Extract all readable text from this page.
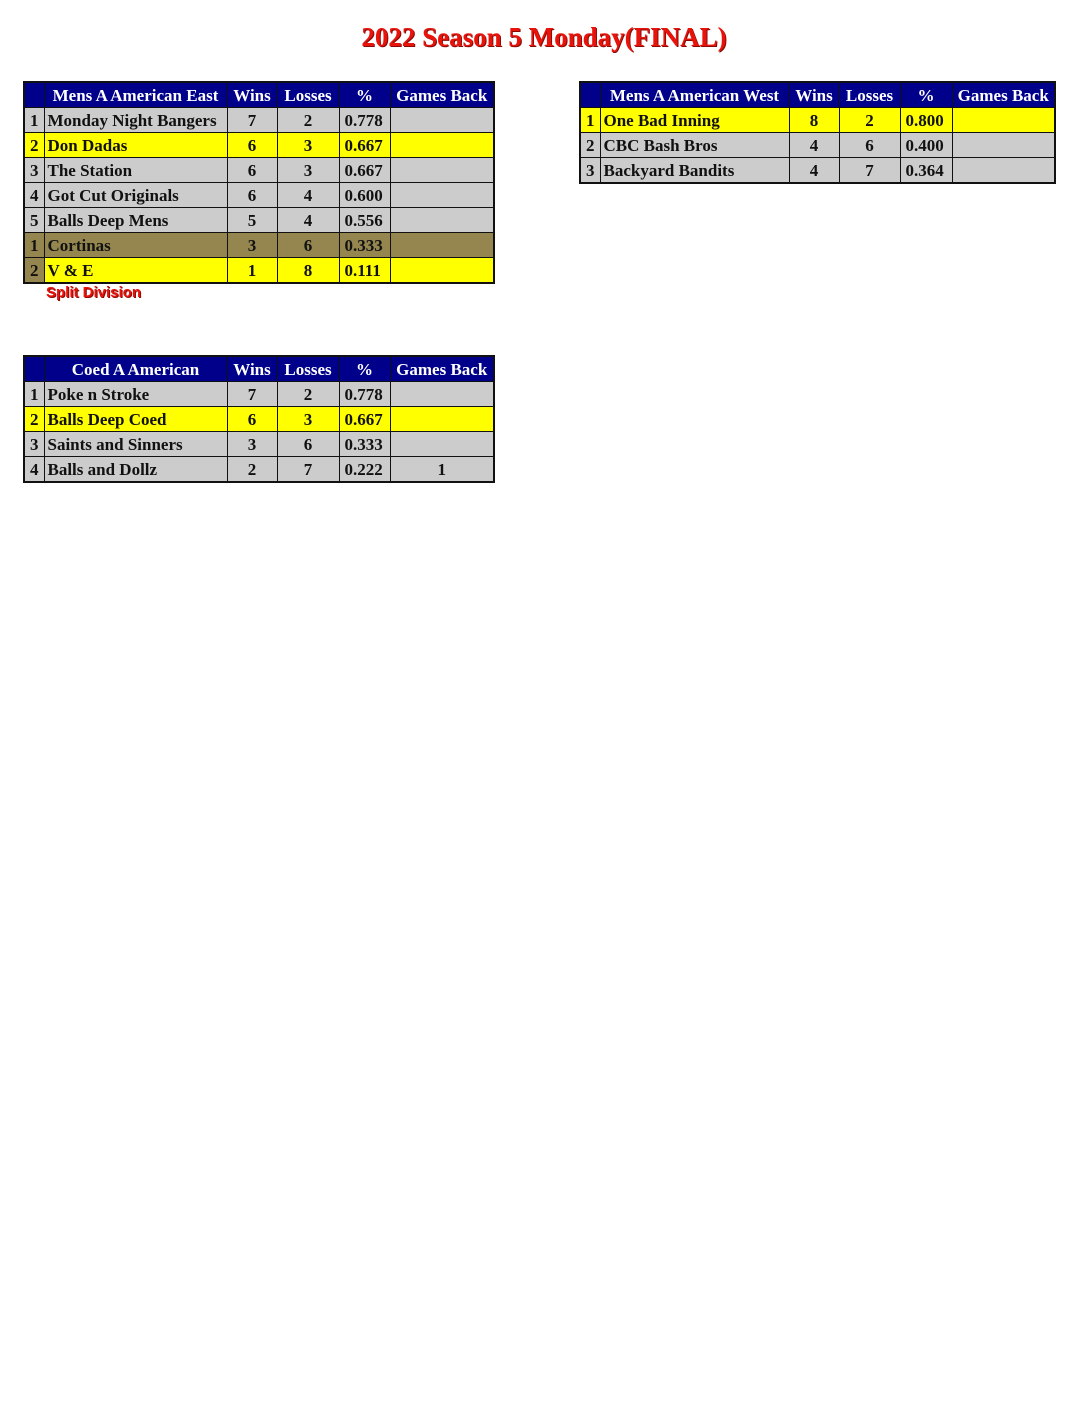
2022 Season 5 Monday(FINAL)
	Mens A American East	Wins	Losses	%	Games Back
1	Monday Night Bangers	7	2	0.778	
2	Don Dadas	6	3	0.667	
3	The Station	6	3	0.667	
4	Got Cut Originals	6	4	0.600	
5	Balls Deep Mens	5	4	0.556	
1	Cortinas	3	6	0.333	
2	V & E	1	8	0.111	
Split Division
	Mens A American West	Wins	Losses	%	Games Back
1	One Bad Inning	8	2	0.800	
2	CBC Bash Bros	4	6	0.400	
3	Backyard Bandits	4	7	0.364	
	Coed A American	Wins	Losses	%	Games Back
1	Poke n Stroke	7	2	0.778	
2	Balls Deep Coed	6	3	0.667	
3	Saints and Sinners	3	6	0.333	
4	Balls and Dollz	2	7	0.222	1
